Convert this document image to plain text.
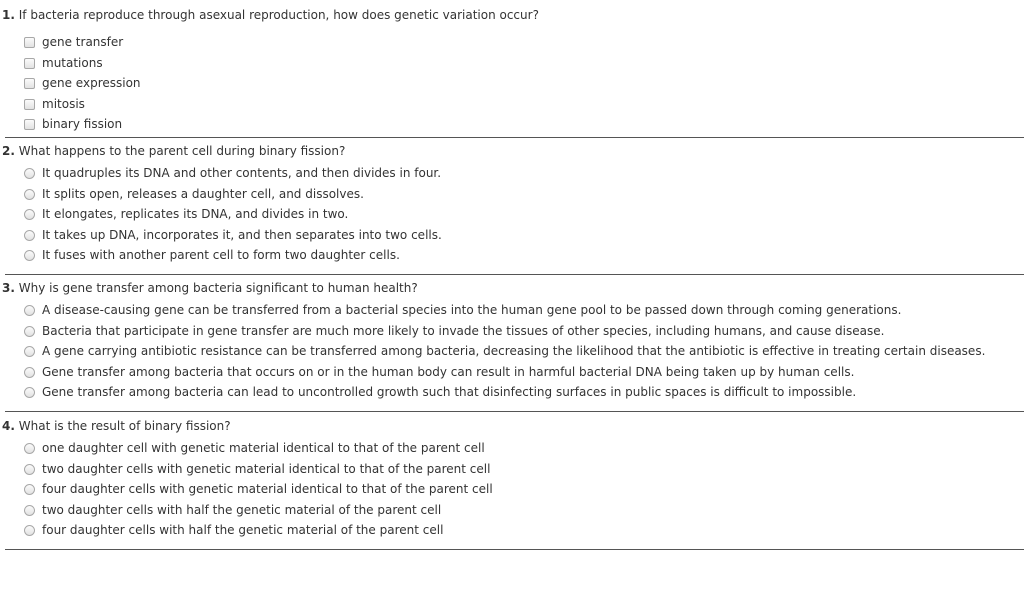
1. If bacteria reproduce through asexual reproduction, how does genetic variation occur?
gene transfer
mutations
gene expression
mitosis
binary fission
2. What happens to the parent cell during binary fission?
It quadruples its DNA and other contents, and then divides in four.
It splits open, releases a daughter cell, and dissolves.
It elongates, replicates its DNA, and divides in two.
It takes up DNA, incorporates it, and then separates into two cells.
It fuses with another parent cell to form two daughter cells.
3. Why is gene transfer among bacteria significant to human health?
A disease-causing gene can be transferred from a bacterial species into the human gene pool to be passed down through coming generations.
Bacteria that participate in gene transfer are much more likely to invade the tissues of other species, including humans, and cause disease.
A gene carrying antibiotic resistance can be transferred among bacteria, decreasing the likelihood that the antibiotic is effective in treating certain diseases.
Gene transfer among bacteria that occurs on or in the human body can result in harmful bacterial DNA being taken up by human cells.
Gene transfer among bacteria can lead to uncontrolled growth such that disinfecting surfaces in public spaces is difficult to impossible.
4. What is the result of binary fission?
one daughter cell with genetic material identical to that of the parent cell
two daughter cells with genetic material identical to that of the parent cell
four daughter cells with genetic material identical to that of the parent cell
two daughter cells with half the genetic material of the parent cell
four daughter cells with half the genetic material of the parent cell
